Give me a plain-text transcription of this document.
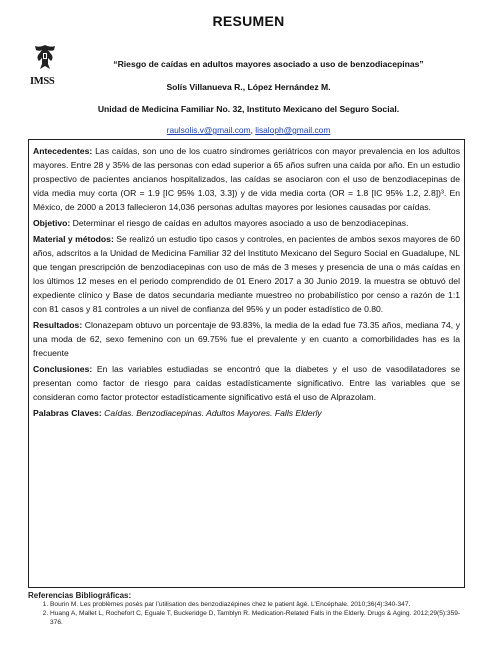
RESUMEN
IMSS
“Riesgo de caídas en adultos mayores asociado a uso de benzodiacepinas”
Solís Villanueva R., López Hernández M.
Unidad de Medicina Familiar No. 32, Instituto Mexicano del Seguro Social.
raulsolis.v@gmail.com, lisaloph@gmail.com

Antecedentes: Las caídas, son uno de los cuatro síndromes geriátricos con mayor prevalencia en los adultos mayores. Entre 28 y 35% de las personas con edad superior a 65 años sufren una caída por año. En un estudio prospectivo de pacientes ancianos hospitalizados, las caídas se asociaron con el uso de benzodiacepinas de vida media muy corta (OR = 1.9 [IC 95% 1.03, 3.3]) y de vida media corta (OR = 1.8 [IC 95% 1.2, 2.8])³. En México, de 2000 a 2013 fallecieron 14,036 personas adultas mayores por lesiones causadas por caídas.

Objetivo: Determinar el riesgo de caídas en adultos mayores asociado a uso de benzodiacepinas.

Material y métodos: Se realizó un estudio tipo casos y controles, en pacientes de ambos sexos mayores de 60 años, adscritos a la Unidad de Medicina Familiar 32 del Instituto Mexicano del Seguro Social en Guadalupe, NL que tengan prescripción de benzodiacepinas con uso de más de 3 meses y presencia de una o más caídas en los últimos 12 meses en el periodo comprendido de 01 Enero 2017 a 30 Junio 2019. la muestra se obtuvó del expediente clínico y Base de datos secundaria mediante muestreo no probabilístico por censo a razón de 1:1 con 81 casos y 81 controles a un nivel de confianza del 95% y un poder estadístico de 0.80.

Resultados: Clonazepam obtuvo un porcentaje de 93.83%, la media de la edad fue 73.35 años, mediana 74, y una moda de 62, sexo femenino con un 69.75% fue el prevalente y en cuanto a comorbilidades has es la frecuente

Conclusiones: En las variables estudiadas se encontró que la diabetes y el uso de vasodilatadores se presentan como factor de riesgo para caídas estadísticamente significativo. Entre las variables que se consideran como factor protector estadísticamente significativo está el uso de Alprazolam.

Palabras Claves: Caídas. Benzodiacepinas. Adultos Mayores. Falls Elderly

Referencias Bibliográficas:
1. Bourin M. Les problèmes posés par l’utilisation des benzodiazépines chez le patient âgé. L’Encéphale. 2010;36(4):340-347.
2. Huang A, Mallet L, Rochefort C, Eguale T, Buckeridge D, Tamblyn R. Medication-Related Falls in the Elderly. Drugs & Aging. 2012;29(5):359-376.
